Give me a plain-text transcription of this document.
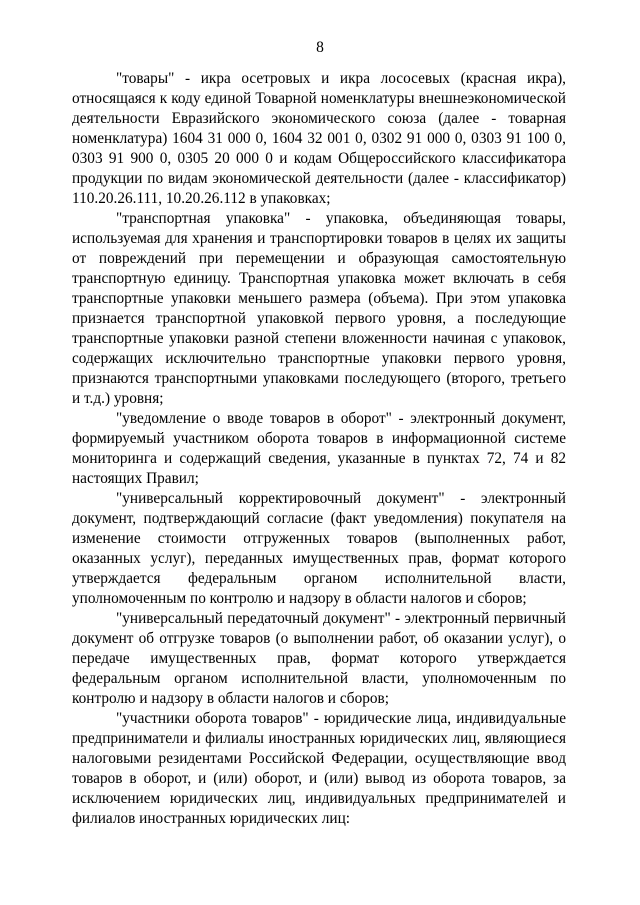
8

"товары" - икра осетровых и икра лососевых (красная икра), относящаяся к коду единой Товарной номенклатуры внешнеэкономической деятельности Евразийского экономического союза (далее - товарная номенклатура) 1604 31 000 0, 1604 32 001 0, 0302 91 000 0, 0303 91 100 0, 0303 91 900 0, 0305 20 000 0 и кодам Общероссийского классификатора продукции по видам экономической деятельности (далее - классификатор) 110.20.26.111, 10.20.26.112 в упаковках;

"транспортная упаковка" - упаковка, объединяющая товары, используемая для хранения и транспортировки товаров в целях их защиты от повреждений при перемещении и образующая самостоятельную транспортную единицу. Транспортная упаковка может включать в себя транспортные упаковки меньшего размера (объема). При этом упаковка признается транспортной упаковкой первого уровня, а последующие транспортные упаковки разной степени вложенности начиная с упаковок, содержащих исключительно транспортные упаковки первого уровня, признаются транспортными упаковками последующего (второго, третьего и т.д.) уровня;

"уведомление о вводе товаров в оборот" - электронный документ, формируемый участником оборота товаров в информационной системе мониторинга и содержащий сведения, указанные в пунктах 72, 74 и 82 настоящих Правил;

"универсальный корректировочный документ" - электронный документ, подтверждающий согласие (факт уведомления) покупателя на изменение стоимости отгруженных товаров (выполненных работ, оказанных услуг), переданных имущественных прав, формат которого утверждается федеральным органом исполнительной власти, уполномоченным по контролю и надзору в области налогов и сборов;

"универсальный передаточный документ" - электронный первичный документ об отгрузке товаров (о выполнении работ, об оказании услуг), о передаче имущественных прав, формат которого утверждается федеральным органом исполнительной власти, уполномоченным по контролю и надзору в области налогов и сборов;

"участники оборота товаров" - юридические лица, индивидуальные предприниматели и филиалы иностранных юридических лиц, являющиеся налоговыми резидентами Российской Федерации, осуществляющие ввод товаров в оборот, и (или) оборот, и (или) вывод из оборота товаров, за исключением юридических лиц, индивидуальных предпринимателей и филиалов иностранных юридических лиц:
